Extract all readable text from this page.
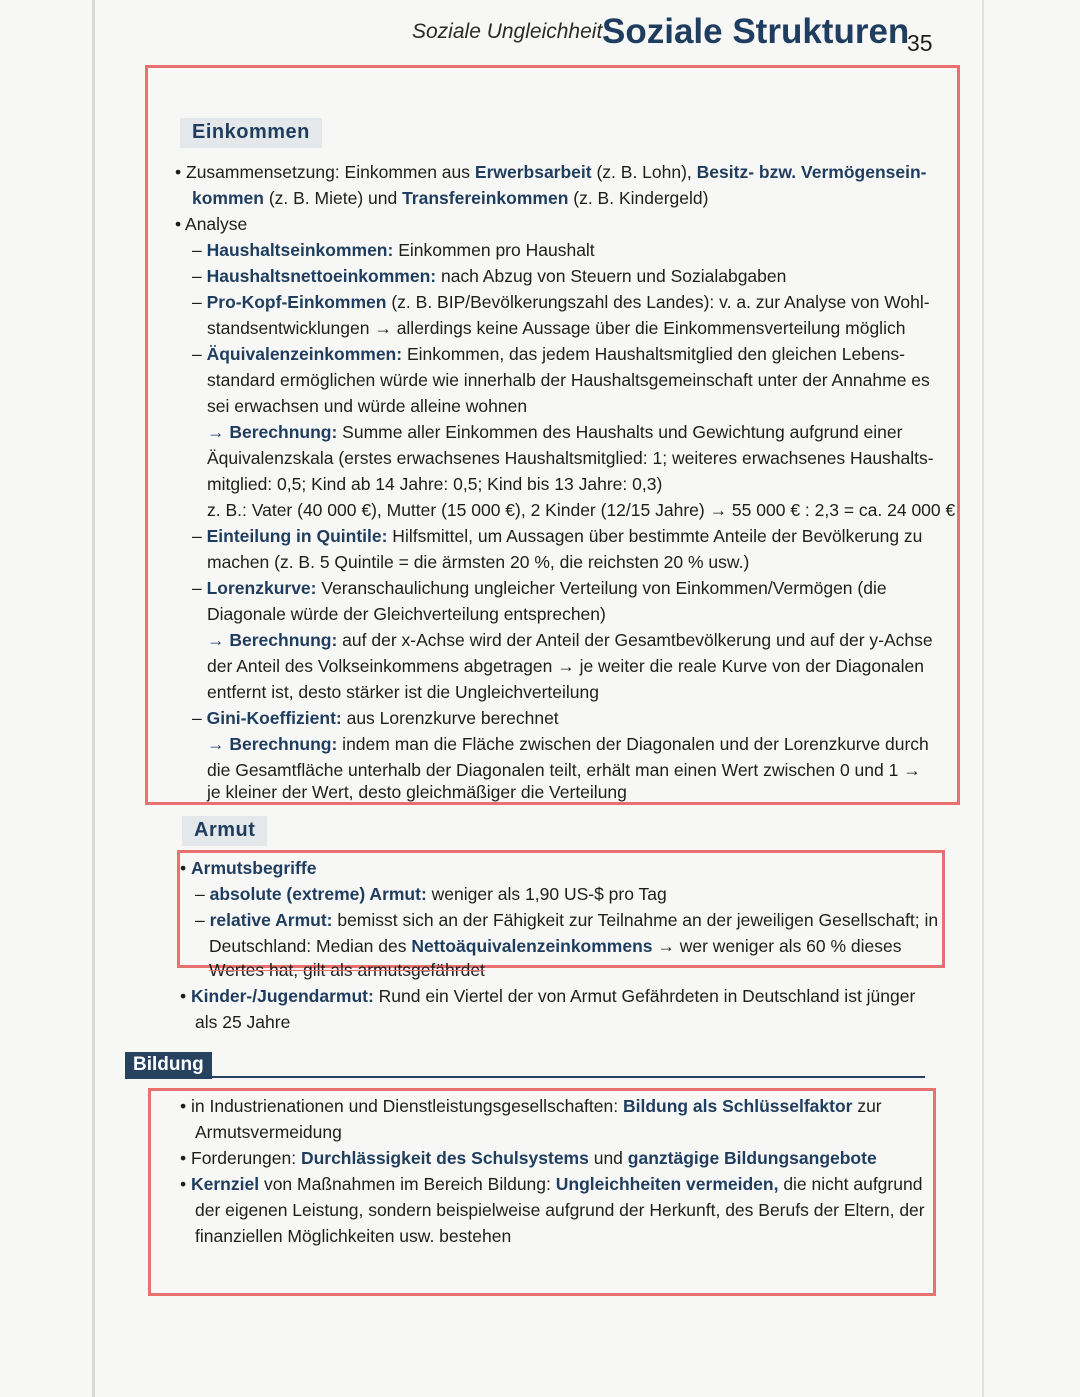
Soziale Ungleichheit Soziale Strukturen
35
Einkommen
• Zusammensetzung: Einkommen aus Erwerbsarbeit (z. B. Lohn), Besitz- bzw. Vermögensein-
kommen (z. B. Miete) und Transfereinkommen (z. B. Kindergeld)
• Analyse
– Haushaltseinkommen: Einkommen pro Haushalt
– Haushaltsnettoeinkommen: nach Abzug von Steuern und Sozialabgaben
– Pro-Kopf-Einkommen (z. B. BIP/Bevölkerungszahl des Landes): v. a. zur Analyse von Wohl-
standsentwicklungen → allerdings keine Aussage über die Einkommensverteilung möglich
– Äquivalenzeinkommen: Einkommen, das jedem Haushaltsmitglied den gleichen Lebens-
standard ermöglichen würde wie innerhalb der Haushaltsgemeinschaft unter der Annahme es
sei erwachsen und würde alleine wohnen
→ Berechnung: Summe aller Einkommen des Haushalts und Gewichtung aufgrund einer
Äquivalenzskala (erstes erwachsenes Haushaltsmitglied: 1; weiteres erwachsenes Haushalts-
mitglied: 0,5; Kind ab 14 Jahre: 0,5; Kind bis 13 Jahre: 0,3)
z. B.: Vater (40 000 €), Mutter (15 000 €), 2 Kinder (12/15 Jahre) → 55 000 € : 2,3 = ca. 24 000 €
– Einteilung in Quintile: Hilfsmittel, um Aussagen über bestimmte Anteile der Bevölkerung zu
machen (z. B. 5 Quintile = die ärmsten 20 %, die reichsten 20 % usw.)
– Lorenzkurve: Veranschaulichung ungleicher Verteilung von Einkommen/Vermögen (die
Diagonale würde der Gleichverteilung entsprechen)
→ Berechnung: auf der x-Achse wird der Anteil der Gesamtbevölkerung und auf der y-Achse
der Anteil des Volkseinkommens abgetragen → je weiter die reale Kurve von der Diagonalen
entfernt ist, desto stärker ist die Ungleichverteilung
– Gini-Koeffizient: aus Lorenzkurve berechnet
→ Berechnung: indem man die Fläche zwischen der Diagonalen und der Lorenzkurve durch
die Gesamtfläche unterhalb der Diagonalen teilt, erhält man einen Wert zwischen 0 und 1 →
je kleiner der Wert, desto gleichmäßiger die Verteilung
Armut
• Armutsbegriffe
– absolute (extreme) Armut: weniger als 1,90 US-$ pro Tag
– relative Armut: bemisst sich an der Fähigkeit zur Teilnahme an der jeweiligen Gesellschaft; in
Deutschland: Median des Nettoäquivalenzeinkommens → wer weniger als 60 % dieses
Wertes hat, gilt als armutsgefährdet
• Kinder-/Jugendarmut: Rund ein Viertel der von Armut Gefährdeten in Deutschland ist jünger
als 25 Jahre
Bildung
• in Industrienationen und Dienstleistungsgesellschaften: Bildung als Schlüsselfaktor zur
Armutsvermeidung
• Forderungen: Durchlässigkeit des Schulsystems und ganztägige Bildungsangebote
• Kernziel von Maßnahmen im Bereich Bildung: Ungleichheiten vermeiden, die nicht aufgrund
der eigenen Leistung, sondern beispielweise aufgrund der Herkunft, des Berufs der Eltern, der
finanziellen Möglichkeiten usw. bestehen
